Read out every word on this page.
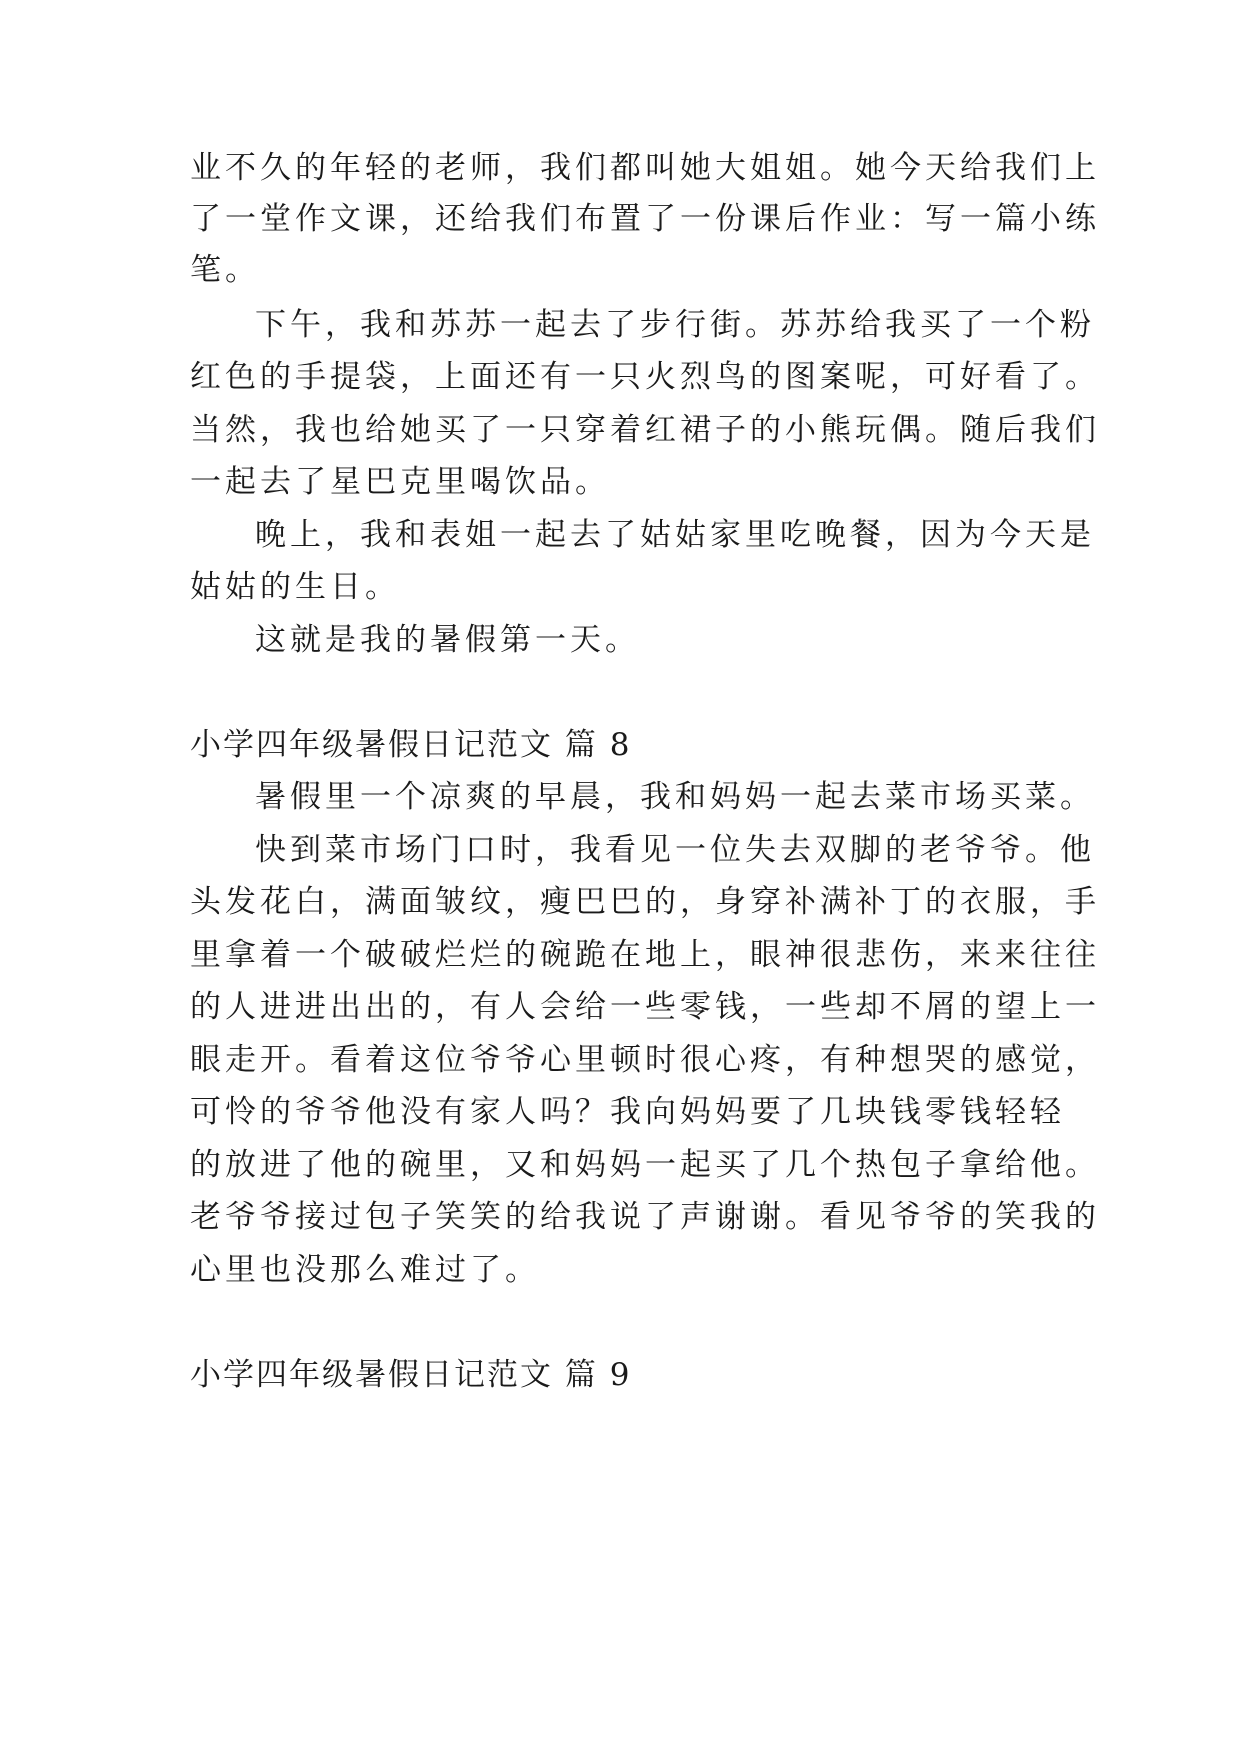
业不久的年轻的老师，我们都叫她大姐姐。她今天给我们上
了一堂作文课，还给我们布置了一份课后作业：写一篇小练
笔。
下午，我和苏苏一起去了步行街。苏苏给我买了一个粉
红色的手提袋，上面还有一只火烈鸟的图案呢，可好看了。
当然，我也给她买了一只穿着红裙子的小熊玩偶。随后我们
一起去了星巴克里喝饮品。
晚上，我和表姐一起去了姑姑家里吃晚餐，因为今天是
姑姑的生日。
这就是我的暑假第一天。
小学四年级暑假日记范文 篇 8
暑假里一个凉爽的早晨，我和妈妈一起去菜市场买菜。
快到菜市场门口时，我看见一位失去双脚的老爷爷。他
头发花白，满面皱纹，瘦巴巴的，身穿补满补丁的衣服，手
里拿着一个破破烂烂的碗跪在地上，眼神很悲伤，来来往往
的人进进出出的，有人会给一些零钱，一些却不屑的望上一
眼走开。看着这位爷爷心里顿时很心疼，有种想哭的感觉，
可怜的爷爷他没有家人吗？我向妈妈要了几块钱零钱轻轻
的放进了他的碗里，又和妈妈一起买了几个热包子拿给他。
老爷爷接过包子笑笑的给我说了声谢谢。看见爷爷的笑我的
心里也没那么难过了。
小学四年级暑假日记范文 篇 9
